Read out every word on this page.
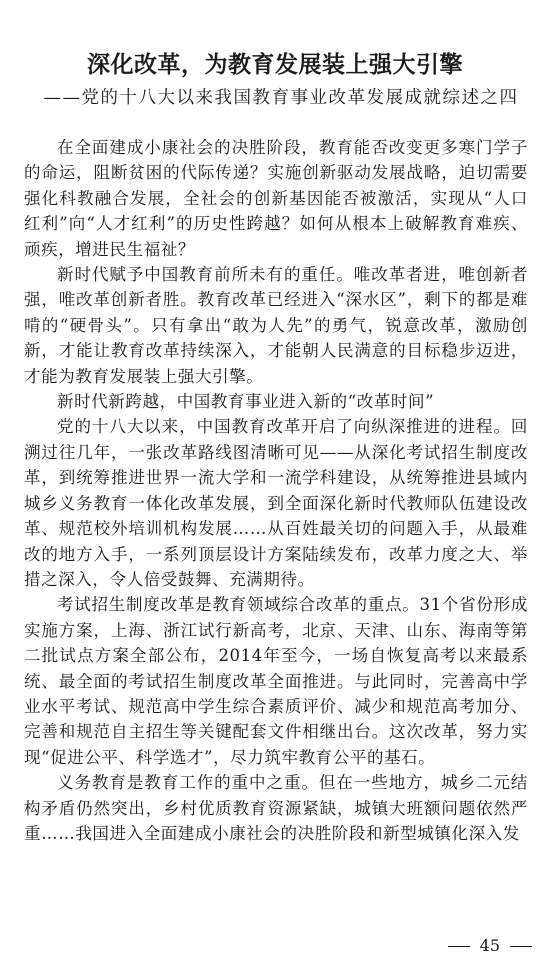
深化改革，为教育发展装上强大引擎
——党的十八大以来我国教育事业改革发展成就综述之四

在全面建成小康社会的决胜阶段，教育能否改变更多寒门学子的命运，阻断贫困的代际传递？实施创新驱动发展战略，迫切需要强化科教融合发展，全社会的创新基因能否被激活，实现从“人口红利”向“人才红利”的历史性跨越？如何从根本上破解教育难疾、顽疾，增进民生福祉？

新时代赋予中国教育前所未有的重任。唯改革者进，唯创新者强，唯改革创新者胜。教育改革已经进入“深水区”，剩下的都是难啃的“硬骨头”。只有拿出“敢为人先”的勇气，锐意改革，激励创新，才能让教育改革持续深入，才能朝人民满意的目标稳步迈进，才能为教育发展装上强大引擎。

新时代新跨越，中国教育事业进入新的“改革时间”

党的十八大以来，中国教育改革开启了向纵深推进的进程。回溯过往几年，一张改革路线图清晰可见——从深化考试招生制度改革，到统筹推进世界一流大学和一流学科建设，从统筹推进县域内城乡义务教育一体化改革发展，到全面深化新时代教师队伍建设改革、规范校外培训机构发展……从百姓最关切的问题入手，从最难改的地方入手，一系列顶层设计方案陆续发布，改革力度之大、举措之深入，令人倍受鼓舞、充满期待。

考试招生制度改革是教育领域综合改革的重点。31个省份形成实施方案，上海、浙江试行新高考，北京、天津、山东、海南等第二批试点方案全部公布，2014年至今，一场自恢复高考以来最系统、最全面的考试招生制度改革全面推进。与此同时，完善高中学业水平考试、规范高中学生综合素质评价、减少和规范高考加分、完善和规范自主招生等关键配套文件相继出台。这次改革，努力实现“促进公平、科学选才”，尽力筑牢教育公平的基石。

义务教育是教育工作的重中之重。但在一些地方，城乡二元结构矛盾仍然突出，乡村优质教育资源紧缺，城镇大班额问题依然严重……我国进入全面建成小康社会的决胜阶段和新型城镇化深入发

45
